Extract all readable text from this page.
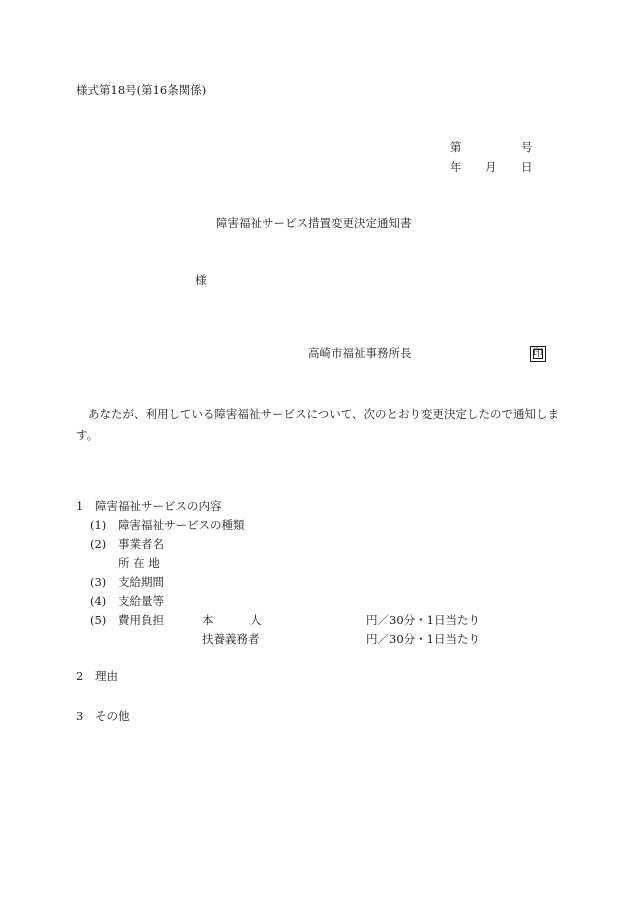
様式第18号(第16条関係)
第	号
年 月 日
障害福祉サービス措置変更決定通知書
様
高崎市福祉事務所長	印
あなたが、利用している障害福祉サービスについて、次のとおり変更決定したので通知します。
1 障害福祉サービスの内容
(1) 障害福祉サービスの種類
(2) 事業者名
所 在 地
(3) 支給期間
(4) 支給量等
(5) 費用負担	本	人	円／30分・1日当たり
扶養義務者	円／30分・1日当たり
2 理由
3 その他
